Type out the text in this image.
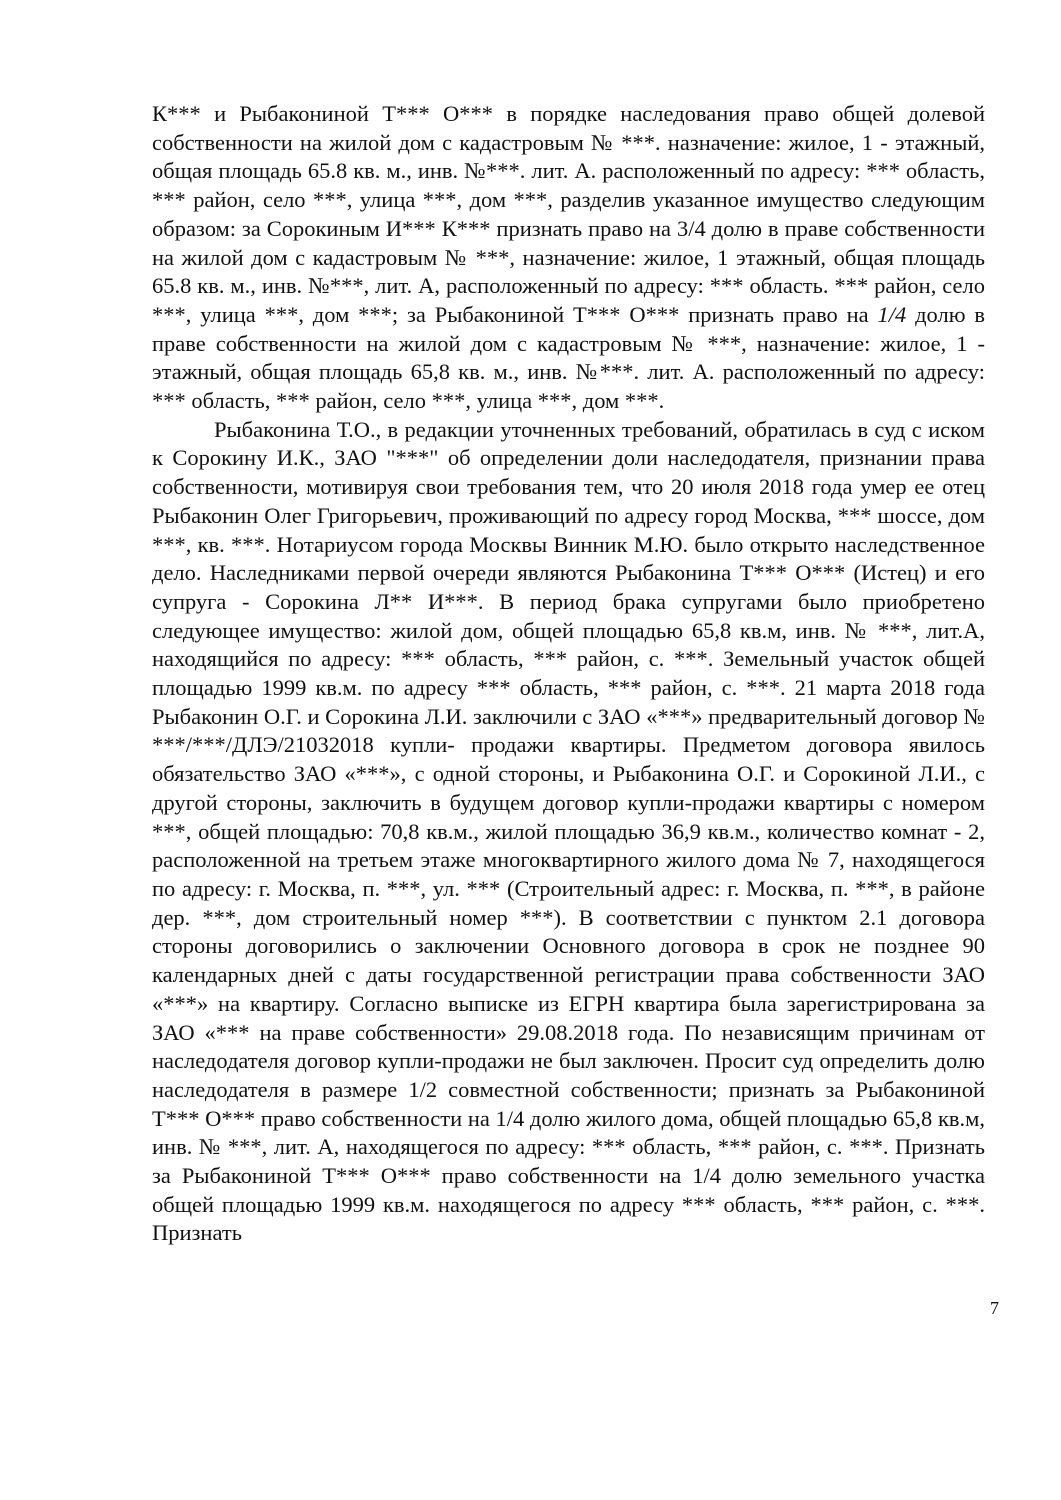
К*** и Рыбакониной Т*** О*** в порядке наследования право общей долевой собственности на жилой дом с кадастровым № ***. назначение: жилое, 1 - этажный, общая площадь 65.8 кв. м., инв. №***. лит. А. расположенный по адресу: *** область, *** район, село ***, улица ***, дом ***, разделив указанное имущество следующим образом: за Сорокиным И*** К*** признать право на 3/4 долю в праве собственности на жилой дом с кадастровым № ***, назначение: жилое, 1 этажный, общая площадь 65.8 кв. м., инв. №***, лит. А, расположенный по адресу: *** область. *** район, село ***, улица ***, дом ***; за Рыбакониной Т*** О*** признать право на 1/4 долю в праве собственности на жилой дом с кадастровым № ***, назначение: жилое, 1 - этажный, общая площадь 65,8 кв. м., инв. №***. лит. А. расположенный по адресу: *** область, *** район, село ***, улица ***, дом ***.

Рыбаконина Т.О., в редакции уточненных требований, обратилась в суд с иском к Сорокину И.К., ЗАО "***" об определении доли наследодателя, признании права собственности, мотивируя свои требования тем, что 20 июля 2018 года умер ее отец Рыбаконин Олег Григорьевич, проживающий по адресу город Москва, *** шоссе, дом ***, кв. ***. Нотариусом города Москвы Винник М.Ю. было открыто наследственное дело. Наследниками первой очереди являются Рыбаконина Т*** О*** (Истец) и его супруга - Сорокина Л** И***. В период брака супругами было приобретено следующее имущество: жилой дом, общей площадью 65,8 кв.м, инв. № ***, лит.А, находящийся по адресу: *** область, *** район, с. ***. Земельный участок общей площадью 1999 кв.м. по адресу *** область, *** район, с. ***. 21 марта 2018 года Рыбаконин О.Г. и Сорокина Л.И. заключили с ЗАО «***» предварительный договор № ***/***/ДЛЭ/21032018 купли- продажи квартиры. Предметом договора явилось обязательство ЗАО «***», с одной стороны, и Рыбаконина О.Г. и Сорокиной Л.И., с другой стороны, заключить в будущем договор купли-продажи квартиры с номером ***, общей площадью: 70,8 кв.м., жилой площадью 36,9 кв.м., количество комнат - 2, расположенной на третьем этаже многоквартирного жилого дома № 7, находящегося по адресу: г. Москва, п. ***, ул. *** (Строительный адрес: г. Москва, п. ***, в районе дер. ***, дом строительный номер ***). В соответствии с пунктом 2.1 договора стороны договорились о заключении Основного договора в срок не позднее 90 календарных дней с даты государственной регистрации права собственности ЗАО «***» на квартиру. Согласно выписке из ЕГРН квартира была зарегистрирована за ЗАО «*** на праве собственности» 29.08.2018 года. По независящим причинам от наследодателя договор купли-продажи не был заключен. Просит суд определить долю наследодателя в размере 1/2 совместной собственности; признать за Рыбакониной Т*** О*** право собственности на 1/4 долю жилого дома, общей площадью 65,8 кв.м, инв. № ***, лит. А, находящегося по адресу: *** область, *** район, с. ***. Признать за Рыбакониной Т*** О*** право собственности на 1/4 долю земельного участка общей площадью 1999 кв.м. находящегося по адресу *** область, *** район, с. ***. Признать

7
